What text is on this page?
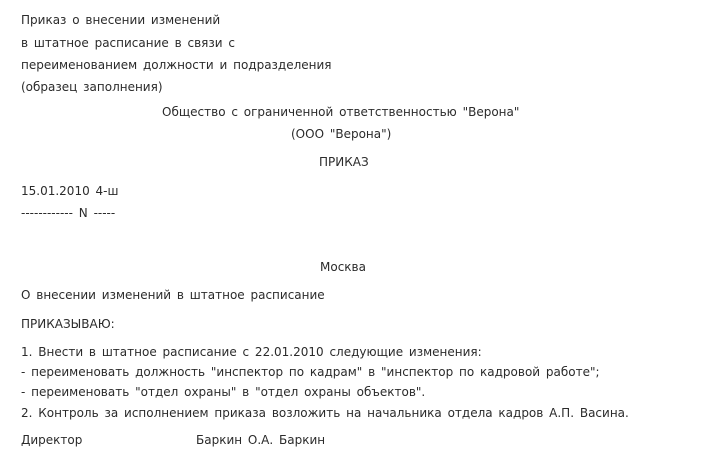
Приказ о внесении изменений

в штатное расписание в связи с

переименованием должности и подразделения

(образец заполнения)

Общество с ограниченной ответственностью "Верона"

(ООО "Верона")

ПРИКАЗ

15.01.2010 4-ш

------------ N -----

Москва

О внесении изменений в штатное расписание

ПРИКАЗЫВАЮ:

1. Внести в штатное расписание с 22.01.2010 следующие изменения:

- переименовать должность "инспектор по кадрам" в "инспектор по кадровой работе";

- переименовать "отдел охраны" в "отдел охраны объектов".

2. Контроль за исполнением приказа возложить на начальника отдела кадров А.П. Васина.

Директор	Баркин О.А. Баркин
